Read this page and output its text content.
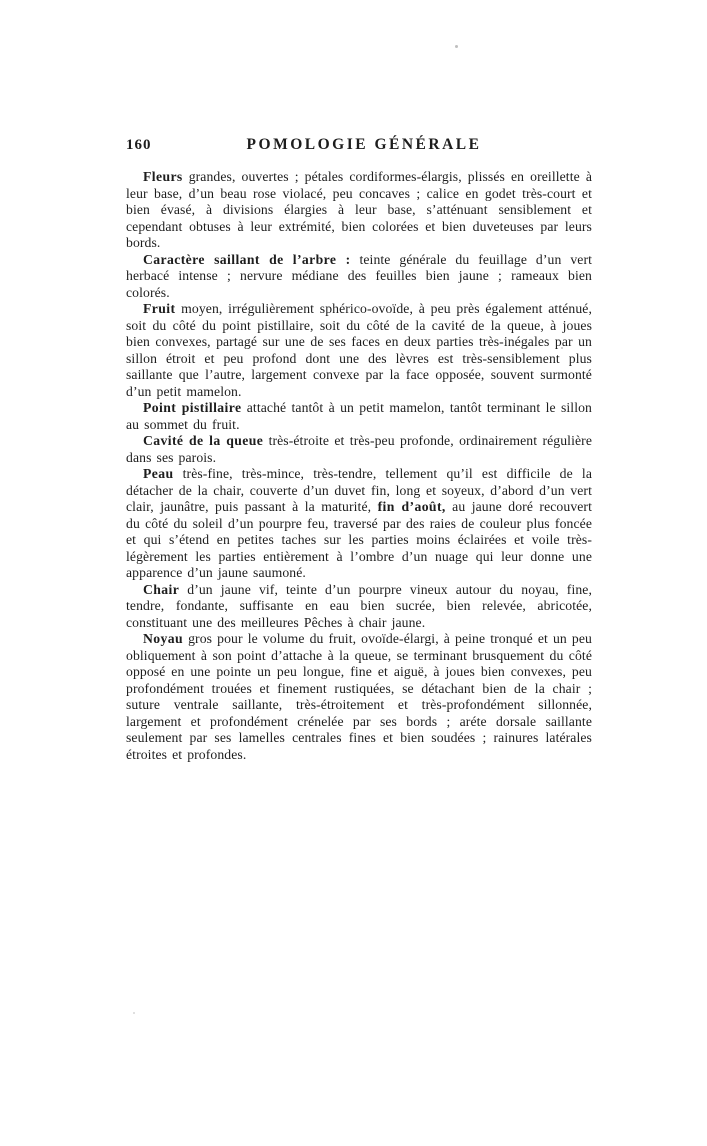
160	POMOLOGIE GÉNÉRALE

Fleurs grandes, ouvertes ; pétales cordiformes-élargis, plissés en oreillette à leur base, d’un beau rose violacé, peu concaves ; calice en godet très-court et bien évasé, à divisions élargies à leur base, s’atténuant sensiblement et cependant obtuses à leur extrémité, bien colorées et bien duveteuses par leurs bords.

Caractère saillant de l’arbre : teinte générale du feuillage d’un vert herbacé intense ; nervure médiane des feuilles bien jaune ; rameaux bien colorés.

Fruit moyen, irrégulièrement sphérico-ovoïde, à peu près également atténué, soit du côté du point pistillaire, soit du côté de la cavité de la queue, à joues bien convexes, partagé sur une de ses faces en deux parties très-inégales par un sillon étroit et peu profond dont une des lèvres est très-sensiblement plus saillante que l’autre, largement convexe par la face opposée, souvent surmonté d’un petit mamelon.

Point pistillaire attaché tantôt à un petit mamelon, tantôt terminant le sillon au sommet du fruit.

Cavité de la queue très-étroite et très-peu profonde, ordinairement régulière dans ses parois.

Peau très-fine, très-mince, très-tendre, tellement qu’il est difficile de la détacher de la chair, couverte d’un duvet fin, long et soyeux, d’abord d’un vert clair, jaunâtre, puis passant à la maturité, fin d’août, au jaune doré recouvert du côté du soleil d’un pourpre feu, traversé par des raies de couleur plus foncée et qui s’étend en petites taches sur les parties moins éclairées et voile très-légèrement les parties entièrement à l’ombre d’un nuage qui leur donne une apparence d’un jaune saumoné.

Chair d’un jaune vif, teinte d’un pourpre vineux autour du noyau, fine, tendre, fondante, suffisante en eau bien sucrée, bien relevée, abricotée, constituant une des meilleures Pêches à chair jaune.

Noyau gros pour le volume du fruit, ovoïde-élargi, à peine tronqué et un peu obliquement à son point d’attache à la queue, se terminant brusquement du côté opposé en une pointe un peu longue, fine et aiguë, à joues bien convexes, peu profondément trouées et finement rustiquées, se détachant bien de la chair ; suture ventrale saillante, très-étroitement et très-profondément sillonnée, largement et profondément crénelée par ses bords ; aréte dorsale saillante seulement par ses lamelles centrales fines et bien soudées ; rainures latérales étroites et profondes.
